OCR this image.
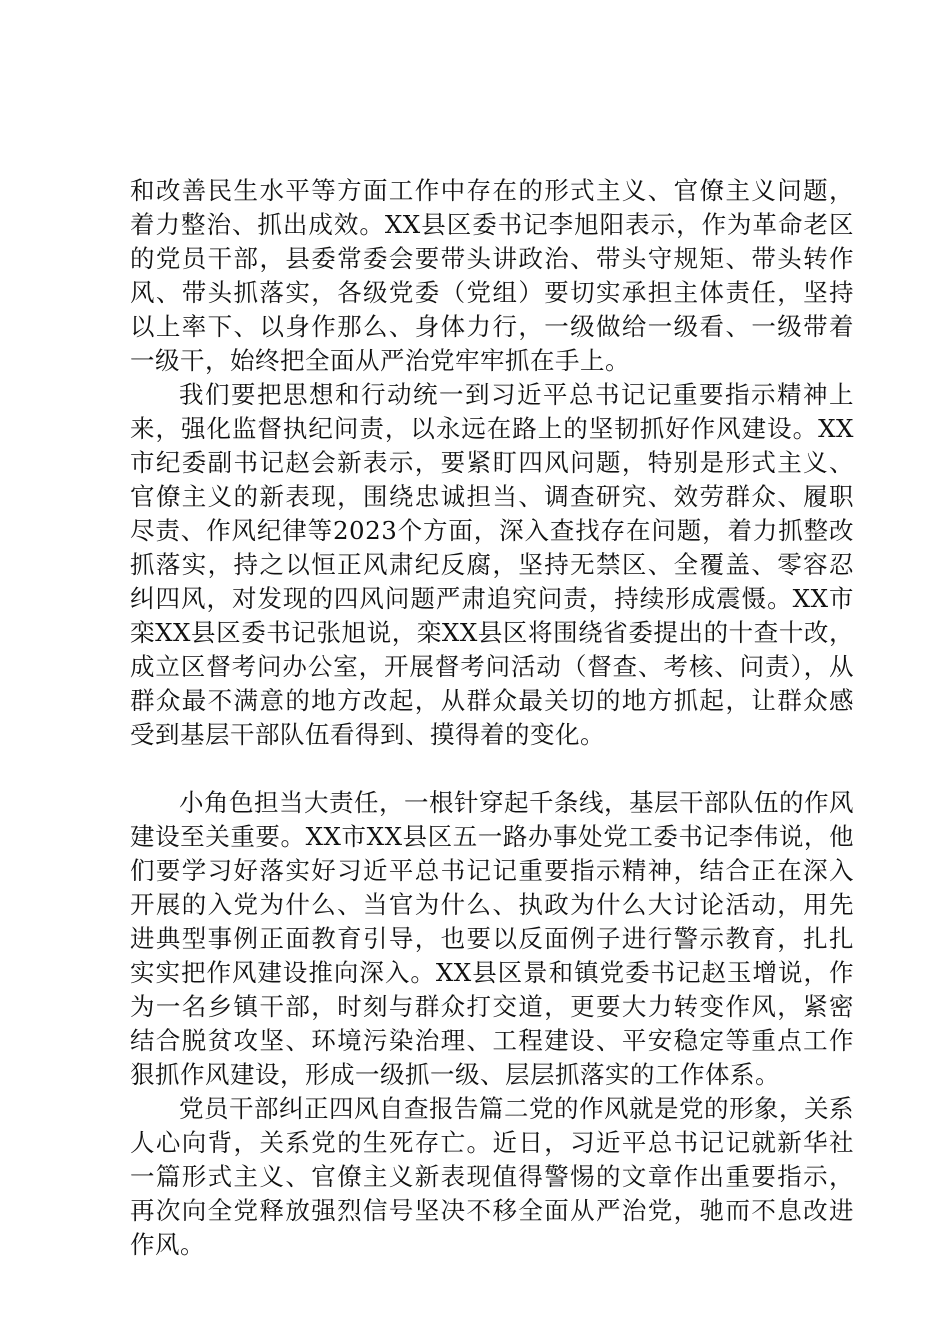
和改善民生水平等方面工作中存在的形式主义、官僚主义问题，着力整治、抓出成效。XX县区委书记李旭阳表示，作为革命老区的党员干部，县委常委会要带头讲政治、带头守规矩、带头转作风、带头抓落实，各级党委（党组）要切实承担主体责任，坚持以上率下、以身作那么、身体力行，一级做给一级看、一级带着一级干，始终把全面从严治党牢牢抓在手上。

我们要把思想和行动统一到习近平总书记记重要指示精神上来，强化监督执纪问责，以永远在路上的坚韧抓好作风建设。XX市纪委副书记赵会新表示，要紧盯四风问题，特别是形式主义、官僚主义的新表现，围绕忠诚担当、调查研究、效劳群众、履职尽责、作风纪律等2023个方面，深入查找存在问题，着力抓整改抓落实，持之以恒正风肃纪反腐，坚持无禁区、全覆盖、零容忍纠四风，对发现的四风问题严肃追究问责，持续形成震慑。XX市栾XX县区委书记张旭说，栾XX县区将围绕省委提出的十查十改，成立区督考问办公室，开展督考问活动（督查、考核、问责），从群众最不满意的地方改起，从群众最关切的地方抓起，让群众感受到基层干部队伍看得到、摸得着的变化。

小角色担当大责任，一根针穿起千条线，基层干部队伍的作风建设至关重要。XX市XX县区五一路办事处党工委书记李伟说，他们要学习好落实好习近平总书记记重要指示精神，结合正在深入开展的入党为什么、当官为什么、执政为什么大讨论活动，用先进典型事例正面教育引导，也要以反面例子进行警示教育，扎扎实实把作风建设推向深入。XX县区景和镇党委书记赵玉增说，作为一名乡镇干部，时刻与群众打交道，更要大力转变作风，紧密结合脱贫攻坚、环境污染治理、工程建设、平安稳定等重点工作狠抓作风建设，形成一级抓一级、层层抓落实的工作体系。

党员干部纠正四风自查报告篇二党的作风就是党的形象，关系人心向背，关系党的生死存亡。近日，习近平总书记记就新华社一篇形式主义、官僚主义新表现值得警惕的文章作出重要指示，再次向全党释放强烈信号坚决不移全面从严治党，驰而不息改进作风。
